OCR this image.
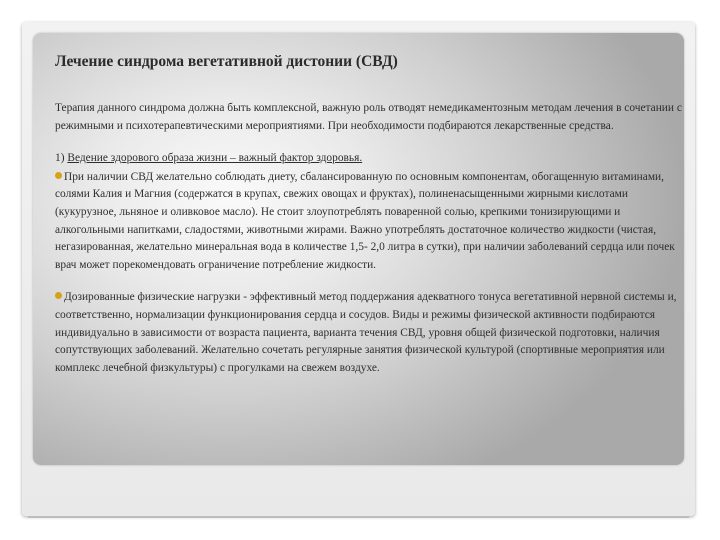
Лечение синдрома вегетативной дистонии (СВД)

Терапия данного синдрома должна быть комплексной, важную роль отводят немедикаментозным методам лечения в сочетании с режимными и психотерапевтическими мероприятиями. При необходимости подбираются лекарственные средства.

1) Ведение здорового образа жизни – важный фактор здоровья.

При наличии СВД желательно соблюдать диету, сбалансированную по основным компонентам, обогащенную витаминами, солями Калия и Магния (содержатся в крупах, свежих овощах и фруктах), полиненасыщенными жирными кислотами (кукурузное, льняное и оливковое масло). Не стоит злоупотреблять поваренной солью, крепкими тонизирующими и алкогольными напитками, сладостями, животными жирами. Важно употреблять достаточное количество жидкости (чистая, негазированная, желательно минеральная вода в количестве 1,5- 2,0 литра в сутки), при наличии заболеваний сердца или почек врач может порекомендовать ограничение потребление жидкости.

Дозированные физические нагрузки - эффективный метод поддержания адекватного тонуса вегетативной нервной системы и, соответственно, нормализации функционирования сердца и сосудов. Виды и режимы физической активности подбираются индивидуально в зависимости от возраста пациента, варианта течения СВД, уровня общей физической подготовки, наличия сопутствующих заболеваний. Желательно сочетать регулярные занятия физической культурой (спортивные мероприятия или комплекс лечебной физкультуры) с прогулками на свежем воздухе.
